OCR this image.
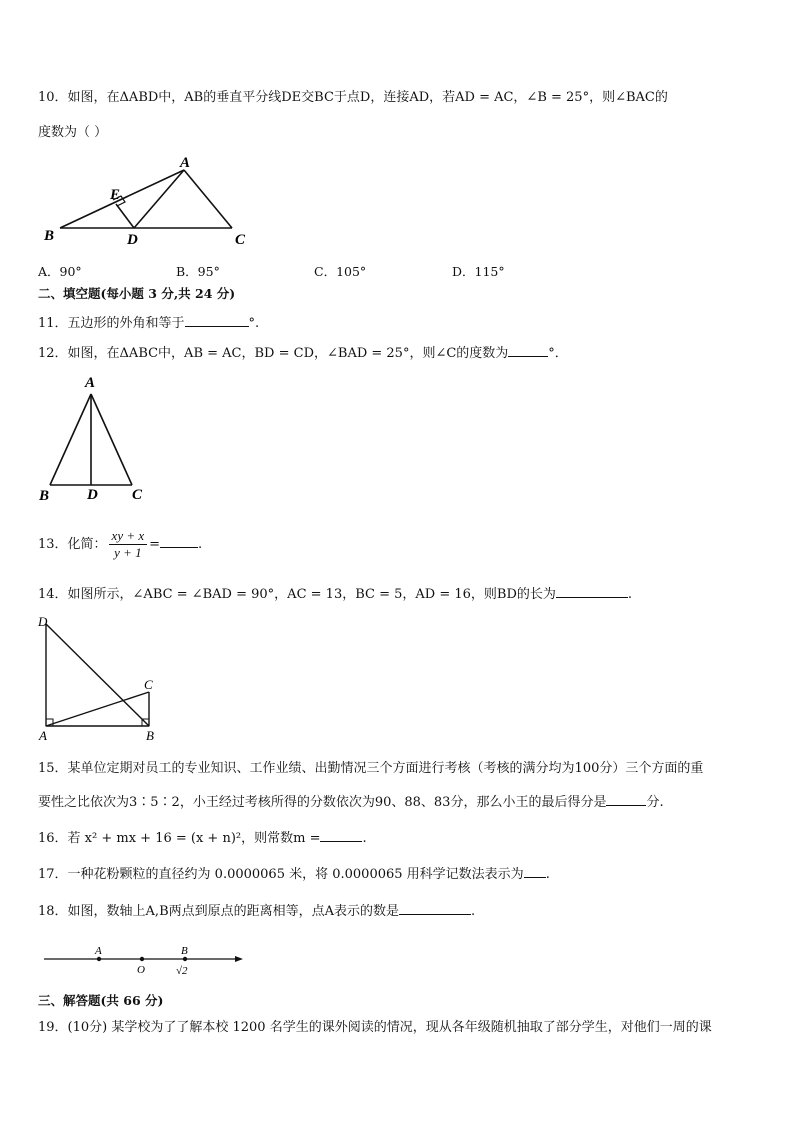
10．如图，在ΔABD中，AB的垂直平分线DE交BC于点D，连接AD，若AD = AC，∠B = 25°，则∠BAC的
度数为（ ）
A
E
B	D	C
A．90°	B．95°	C．105°	D．115°
二、填空题(每小题 3 分,共 24 分)
11．五边形的外角和等于	°.
12．如图，在ΔABC中，AB = AC，BD = CD，∠BAD = 25°，则∠C的度数为	°．
A
B	D C
13．化简： $\frac{xy + x}{y + 1}$ =	.
14．如图所示，∠ABC = ∠BAD = 90°，AC = 13，BC = 5，AD = 16，则BD的长为	.
D
C
A	B
15．某单位定期对员工的专业知识、工作业绩、出勤情况三个方面进行考核（考核的满分均为100分）三个方面的重
要性之比依次为3∶5∶2，小王经过考核所得的分数依次为90、88、83分，那么小王的最后得分是	分.
16．若 x² + mx + 16 = (x + n)²，则常数m =	.
17．一种花粉颗粒的直径约为 0.0000065 米，将 0.0000065 用科学记数法表示为 .
18．如图，数轴上A,B两点到原点的距离相等，点A表示的数是	.
A	B
O	√2
三、解答题(共 66 分)
19．(10分) 某学校为了了解本校 1200 名学生的课外阅读的情况，现从各年级随机抽取了部分学生，对他们一周的课
